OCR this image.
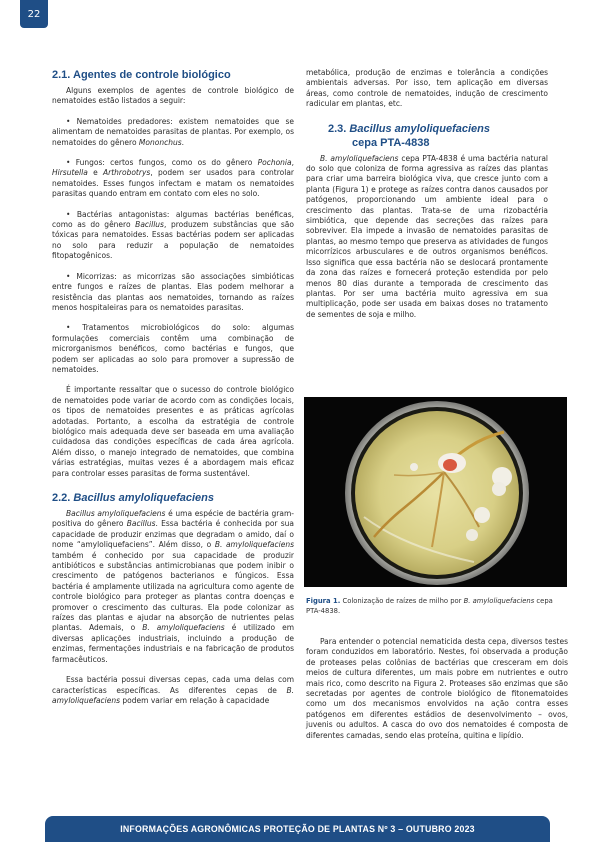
22
2.1. Agentes de controle biológico

Alguns exemplos de agentes de controle biológico de nematoides estão listados a seguir:

• Nematoides predadores: existem nematoides que se alimentam de nematoides parasitas de plantas. Por exemplo, os nematoides do gênero Mononchus.

• Fungos: certos fungos, como os do gênero Pochonia, Hirsutella e Arthrobotrys, podem ser usados para controlar nematoides. Esses fungos infectam e matam os nematoides parasitas quando entram em contato com eles no solo.

• Bactérias antagonistas: algumas bactérias benéficas, como as do gênero Bacillus, produzem substâncias que são tóxicas para nematoides. Essas bactérias podem ser aplicadas no solo para reduzir a população de nematoides fitopatogênicos.

• Micorrizas: as micorrizas são associações simbióticas entre fungos e raízes de plantas. Elas podem melhorar a resistência das plantas aos nematoides, tornando as raízes menos hospitaleiras para os nematoides parasitas.

• Tratamentos microbiológicos do solo: algumas formulações comerciais contêm uma combinação de microrganismos benéficos, como bactérias e fungos, que podem ser aplicadas ao solo para promover a supressão de nematoides.

É importante ressaltar que o sucesso do controle biológico de nematoides pode variar de acordo com as condições locais, os tipos de nematoides presentes e as práticas agrícolas adotadas. Portanto, a escolha da estratégia de controle biológico mais adequada deve ser baseada em uma avaliação cuidadosa das condições específicas de cada área agrícola. Além disso, o manejo integrado de nematoides, que combina várias estratégias, muitas vezes é a abordagem mais eficaz para controlar esses parasitas de forma sustentável.

2.2. Bacillus amyloliquefaciens

Bacillus amyloliquefaciens é uma espécie de bactéria gram-positiva do gênero Bacillus. Essa bactéria é conhecida por sua capacidade de produzir enzimas que degradam o amido, daí o nome “amyloliquefaciens”. Além disso, o B. amyloliquefaciens também é conhecido por sua capacidade de produzir antibióticos e substâncias antimicrobianas que podem inibir o crescimento de patógenos bacterianos e fúngicos. Essa bactéria é amplamente utilizada na agricultura como agente de controle biológico para proteger as plantas contra doenças e promover o crescimento das culturas. Ela pode colonizar as raízes das plantas e ajudar na absorção de nutrientes pelas plantas. Ademais, o B. amyloliquefaciens é utilizado em diversas aplicações industriais, incluindo a produção de enzimas, fermentações industriais e na fabricação de produtos farmacêuticos.

Essa bactéria possui diversas cepas, cada uma delas com características específicas. As diferentes cepas de B. amyloliquefaciens podem variar em relação à capacidade

metabólica, produção de enzimas e tolerância a condições ambientais adversas. Por isso, tem aplicação em diversas áreas, como controle de nematoides, indução de crescimento radicular em plantas, etc.

2.3. Bacillus amyloliquefaciens
cepa PTA-4838

B. amyloliquefaciens cepa PTA-4838 é uma bactéria natural do solo que coloniza de forma agressiva as raízes das plantas para criar uma barreira biológica viva, que cresce junto com a planta (Figura 1) e protege as raízes contra danos causados por patógenos, proporcionando um ambiente ideal para o crescimento das plantas. Trata-se de uma rizobactéria simbiótica, que depende das secreções das raízes para sobreviver. Ela impede a invasão de nematoides parasitas de plantas, ao mesmo tempo que preserva as atividades de fungos micorrízicos arbusculares e de outros organismos benéficos. Isso significa que essa bactéria não se deslocará prontamente da zona das raízes e fornecerá proteção estendida por pelo menos 80 dias durante a temporada de crescimento das plantas. Por ser uma bactéria muito agressiva em sua multiplicação, pode ser usada em baixas doses no tratamento de sementes de soja e milho.

Figura 1. Colonização de raízes de milho por B. amyloliquefaciens cepa PTA-4838.

Para entender o potencial nematicida desta cepa, diversos testes foram conduzidos em laboratório. Nestes, foi observada a produção de proteases pelas colônias de bactérias que cresceram em dois meios de cultura diferentes, um mais pobre em nutrientes e outro mais rico, como descrito na Figura 2. Proteases são enzimas que são secretadas por agentes de controle biológico de fitonematoides como um dos mecanismos envolvidos na ação contra esses patógenos em diferentes estádios de desenvolvimento – ovos, juvenis ou adultos. A casca do ovo dos nematoides é composta de diferentes camadas, sendo elas proteína, quitina e lipídio.

INFORMAÇÕES AGRONÔMICAS PROTEÇÃO DE PLANTAS Nº 3 – OUTUBRO 2023
